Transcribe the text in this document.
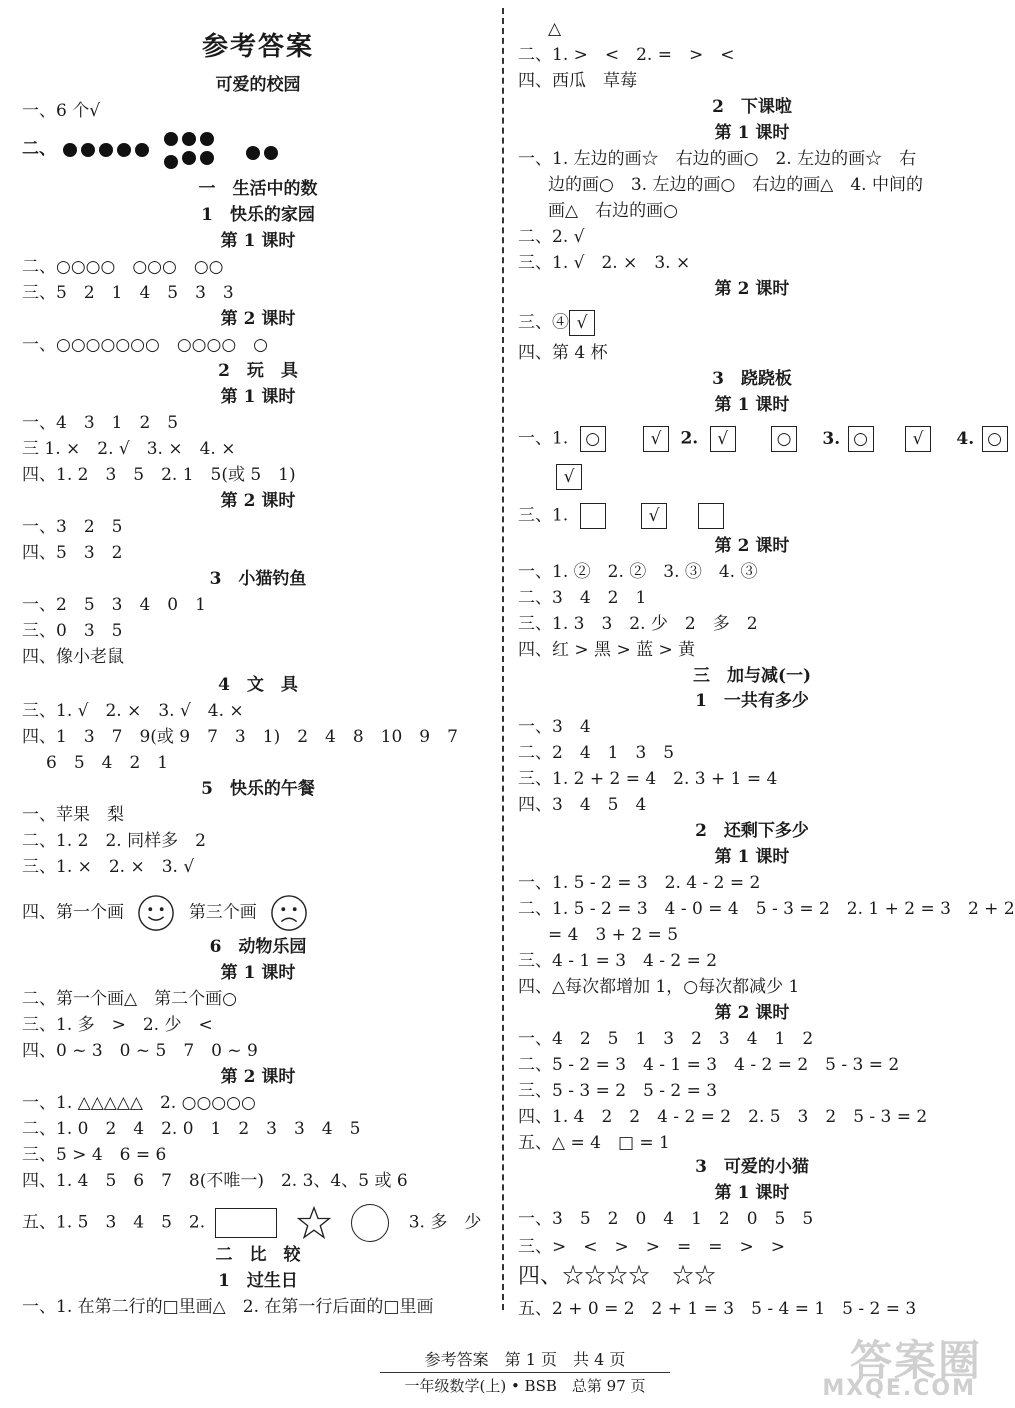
参考答案
可爱的校园
一、6 个√
二、

一　生活中的数
1　快乐的家园
第 1 课时
二、○○○○　○○○　○○
三、5　2　1　4　5　3　3
第 2 课时
一、○○○○○○○　○○○○　○
2　玩　具
第 1 课时
一、4　3　1　2　5
三 1. ×　2. √　3. ×　4. ×
四、1. 2　3　5　2. 1　5(或 5　1)
第 2 课时
一、3　2　5
四、5　3　2
3　小猫钓鱼
一、2　5　3　4　0　1
三、0　3　5
四、像小老鼠
4　文　具
三、1. √　2. ×　3. √　4. ×
四、1　3　7　9(或 9　7　3　1)　2　4　8　10　9　7
6　5　4　2　1
5　快乐的午餐
一、苹果　梨
二、1. 2　2. 同样多　2
三、1. ×　2. ×　3. √
四、第一个画	第三个画
6　动物乐园
第 1 课时
二、第一个画△　第二个画○
三、1. 多　>　2. 少　<
四、0 ~ 3　0 ~ 5　7　0 ~ 9
第 2 课时
一、1. △△△△△　2. ○○○○○
二、1. 0　2　4　2. 0　1　2　3　3　4　5
三、5 > 4　6 = 6
四、1. 4　5　6　7　8(不唯一)　2. 3、4、5 或 6
五、1. 5　3　4　5　2.	3. 多　少
二　比　较
1　过生日
一、1. 在第二行的□里画△　2. 在第一行后面的□里画
△
二、1. >　<　2. =　>　<
四、西瓜　草莓
2　下课啦
第 1 课时
一、1. 左边的画☆　右边的画○　2. 左边的画☆　右
边的画○　3. 左边的画○　右边的画△　4. 中间的
画△　右边的画○
二、2. √
三、1. √　2. ×　3. ×
第 2 课时
三、④ √
四、第 4 杯
3　跷跷板
第 1 课时
一、1. ○	√ 2. √	○ 3. ○	√ 4. ○
√
三、1.	√
第 2 课时
一、1. ②　2. ②　3. ③　4. ③
二、3　4　2　1
三、1. 3　3　2. 少　2　多　2
四、红 > 黑 > 蓝 > 黄
三　加与减(一)
1　一共有多少
一、3　4
二、2　4　1　3　5
三、1. 2 + 2 = 4　2. 3 + 1 = 4
四、3　4　5　4
2　还剩下多少
第 1 课时
一、1. 5 - 2 = 3　2. 4 - 2 = 2
二、1. 5 - 2 = 3　4 - 0 = 4　5 - 3 = 2　2. 1 + 2 = 3　2 + 2
= 4　3 + 2 = 5
三、4 - 1 = 3　4 - 2 = 2
四、△每次都增加 1，○每次都减少 1
第 2 课时
一、4　2　5　1　3　2　3　4　1　2
二、5 - 2 = 3　4 - 1 = 3　4 - 2 = 2　5 - 3 = 2
三、5 - 3 = 2　5 - 2 = 3
四、1. 4　2　2　4 - 2 = 2　2. 5　3　2　5 - 3 = 2
五、△ = 4　□ = 1
3　可爱的小猫
第 1 课时
一、3　5　2　0　4　1　2　0　5　5
三、>　<　>　>　=　=　>　>
四、☆☆☆☆　☆☆
五、2 + 0 = 2　2 + 1 = 3　5 - 4 = 1　5 - 2 = 3
参考答案　第 1 页　共 4 页
一年级数学(上) • BSB　总第 97 页
答案圈
MXQE.COM
